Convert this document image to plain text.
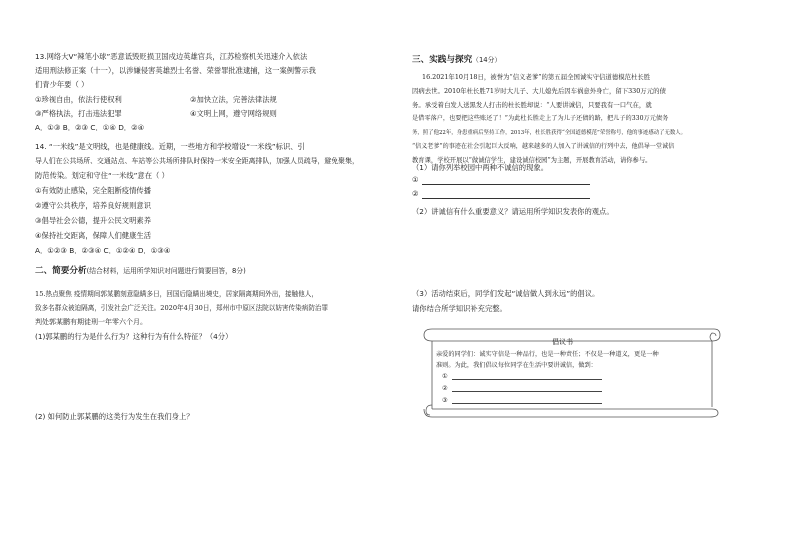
13.网络大V“辣笔小球”恶意诋毁贬损卫国戍边英雄官兵，江苏检察机关迅速介入依法
适用刑法修正案（十一），以涉嫌侵害英雄烈士名誉、荣誉罪批准逮捕，这一案例警示我
们青少年要（ ）
①珍视自由，依法行使权利	②加快立法，完善法律法规
③严格执法，打击违法犯罪	④文明上网，遵守网络规则
A．①③ B．②③ C．①④ D．②④
14. “一米线”是文明线，也是健康线。近期，一些地方和学校增设“一米线”标识、引
导人们在公共场所、交通站点、车站等公共场所排队时保持一米安全距离排队，加强人员疏导，避免聚集，
防范传染。划定和守住“一米线”意在（ ）
①有效防止感染，完全阻断疫情传播
②遵守公共秩序，培养良好规则意识
③倡导社会公德，提升公民文明素养
④保持社交距离，保障人们健康生活
A．①②③ B．②③④ C．①②④ D．①③④
二、简要分析(结合材料，运用所学知识对问题进行简要回答，8分)
15.热点聚焦 疫情期间郭某鹏刻意隐瞒多日，回国后隐瞒出境史，居家隔离期间外出，接触他人，
致多名群众被迫隔离，引发社会广泛关注。2020年4月30日，郑州市中原区法院以妨害传染病防治罪
判处郭某鹏有期徒刑一年零六个月。
(1)郭某鹏的行为是什么行为？这种行为有什么特征？（4分）
(2) 如何防止郭某鹏的这类行为发生在我们身上？
三、实践与探究（14分）
16.2021年10月18日，被誉为“信义老爹”的第五届全国诚实守信道德模范杜长胜
因病去世。2010年杜长胜71岁时大儿子、大儿媳先后因车祸意外身亡，留下330万元的债
务。承受着白发人送黑发人打击的杜长胜却说：“人要讲诚信，只要我有一口气在，就
是借零落户，也要把这些账还了！”为此杜长胜走上了为儿子还债的路，把儿子的330万元债务
务，照了他22年，身患重病后坚持工作，2013年，杜长胜获得“全国道德模范”荣誉称号，他的事迹感动了无数人。
“信义老爹”的事迹在社会引起巨大反响，越来越多的人加入了讲诚信的行列中去，他倡导一堂诚信
教育课，学校开展以“做诚信学生，建设诚信校园”为主题，开展教育活动，请你参与。
（1）请你列举校园中两种不诚信的现象。
①
②
（2）讲诚信有什么重要意义？请运用所学知识发表你的观点。
（3）活动结束后，同学们发起“诚信做人到永远”的倡议。
请你结合所学知识补充完整。
倡议书
亲爱的同学们：诚实守信是一种品行，也是一种责任；不仅是一种道义，更是一种
准则。为此，我们倡议每位同学在生活中要讲诚信，做到：
①
②
③
